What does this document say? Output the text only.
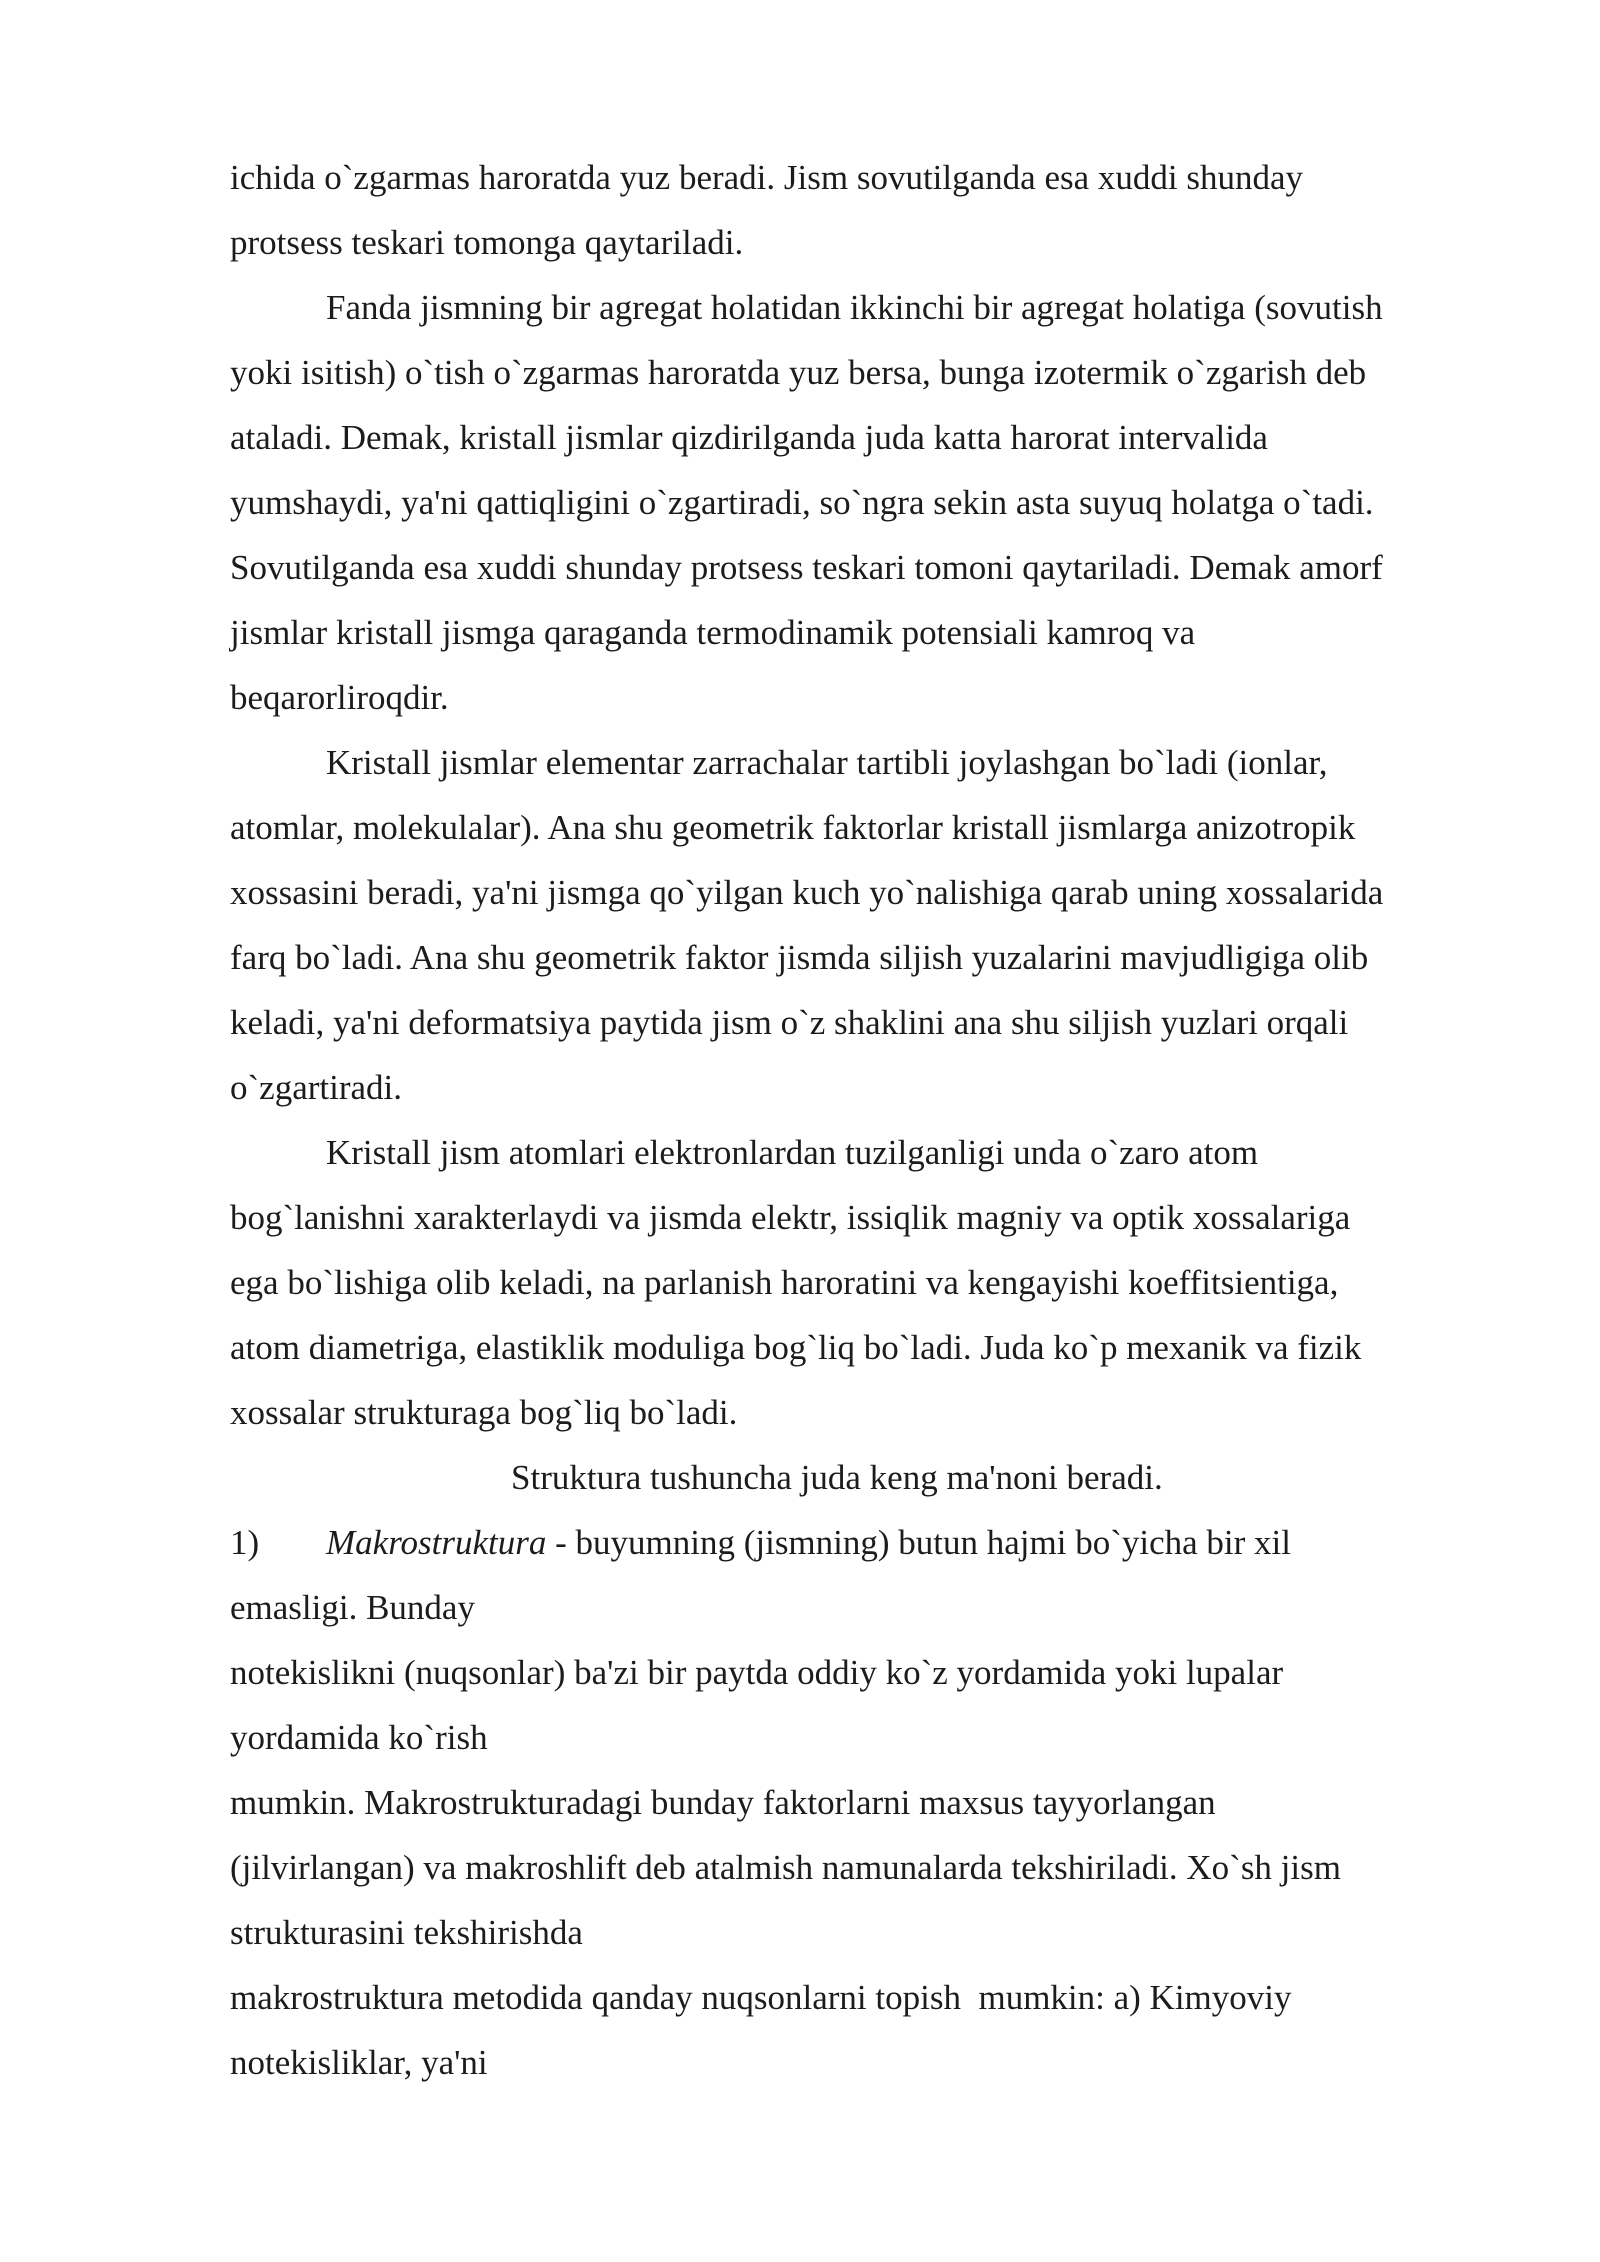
ichida o`zgarmas haroratda yuz beradi. Jism sovutilganda esa xuddi shunday
protsess teskari tomonga qaytariladi.
Fanda jismning bir agregat holatidan ikkinchi bir agregat holatiga (sovutish
yoki isitish) o`tish o`zgarmas haroratda yuz bersa, bunga izotermik o`zgarish deb
ataladi. Demak, kristall jismlar qizdirilganda juda katta harorat intervalida
yumshaydi, ya'ni qattiqligini o`zgartiradi, so`ngra sekin asta suyuq holatga o`tadi.
Sovutilganda esa xuddi shunday protsess teskari tomoni qaytariladi. Demak amorf
jismlar kristall jismga qaraganda termodinamik potensiali kamroq va
beqarorliroqdir.
Kristall jismlar elementar zarrachalar tartibli joylashgan bo`ladi (ionlar,
atomlar, molekulalar). Ana shu geometrik faktorlar kristall jismlarga anizotropik
xossasini beradi, ya'ni jismga qo`yilgan kuch yo`nalishiga qarab uning xossalarida
farq bo`ladi. Ana shu geometrik faktor jismda siljish yuzalarini mavjudligiga olib
keladi, ya'ni deformatsiya paytida jism o`z shaklini ana shu siljish yuzlari orqali
o`zgartiradi.
Kristall jism atomlari elektronlardan tuzilganligi unda o`zaro atom
bog`lanishni xarakterlaydi va jismda elektr, issiqlik magniy va optik xossalariga
ega bo`lishiga olib keladi, na parlanish haroratini va kengayishi koeffitsientiga,
atom diametriga, elastiklik moduliga bog`liq bo`ladi. Juda ko`p mexanik va fizik
xossalar strukturaga bog`liq bo`ladi.
Struktura tushuncha juda keng ma'noni beradi.
1) Makrostruktura - buyumning (jismning) butun hajmi bo`yicha bir xil
emasligi. Bunday
notekislikni (nuqsonlar) ba'zi bir paytda oddiy ko`z yordamida yoki lupalar
yordamida ko`rish
mumkin. Makrostrukturadagi bunday faktorlarni maxsus tayyorlangan
(jilvirlangan) va makroshlift deb atalmish namunalarda tekshiriladi. Xo`sh jism
strukturasini tekshirishda
makrostruktura metodida qanday nuqsonlarni topish  mumkin: a) Kimyoviy
notekisliklar, ya'ni
